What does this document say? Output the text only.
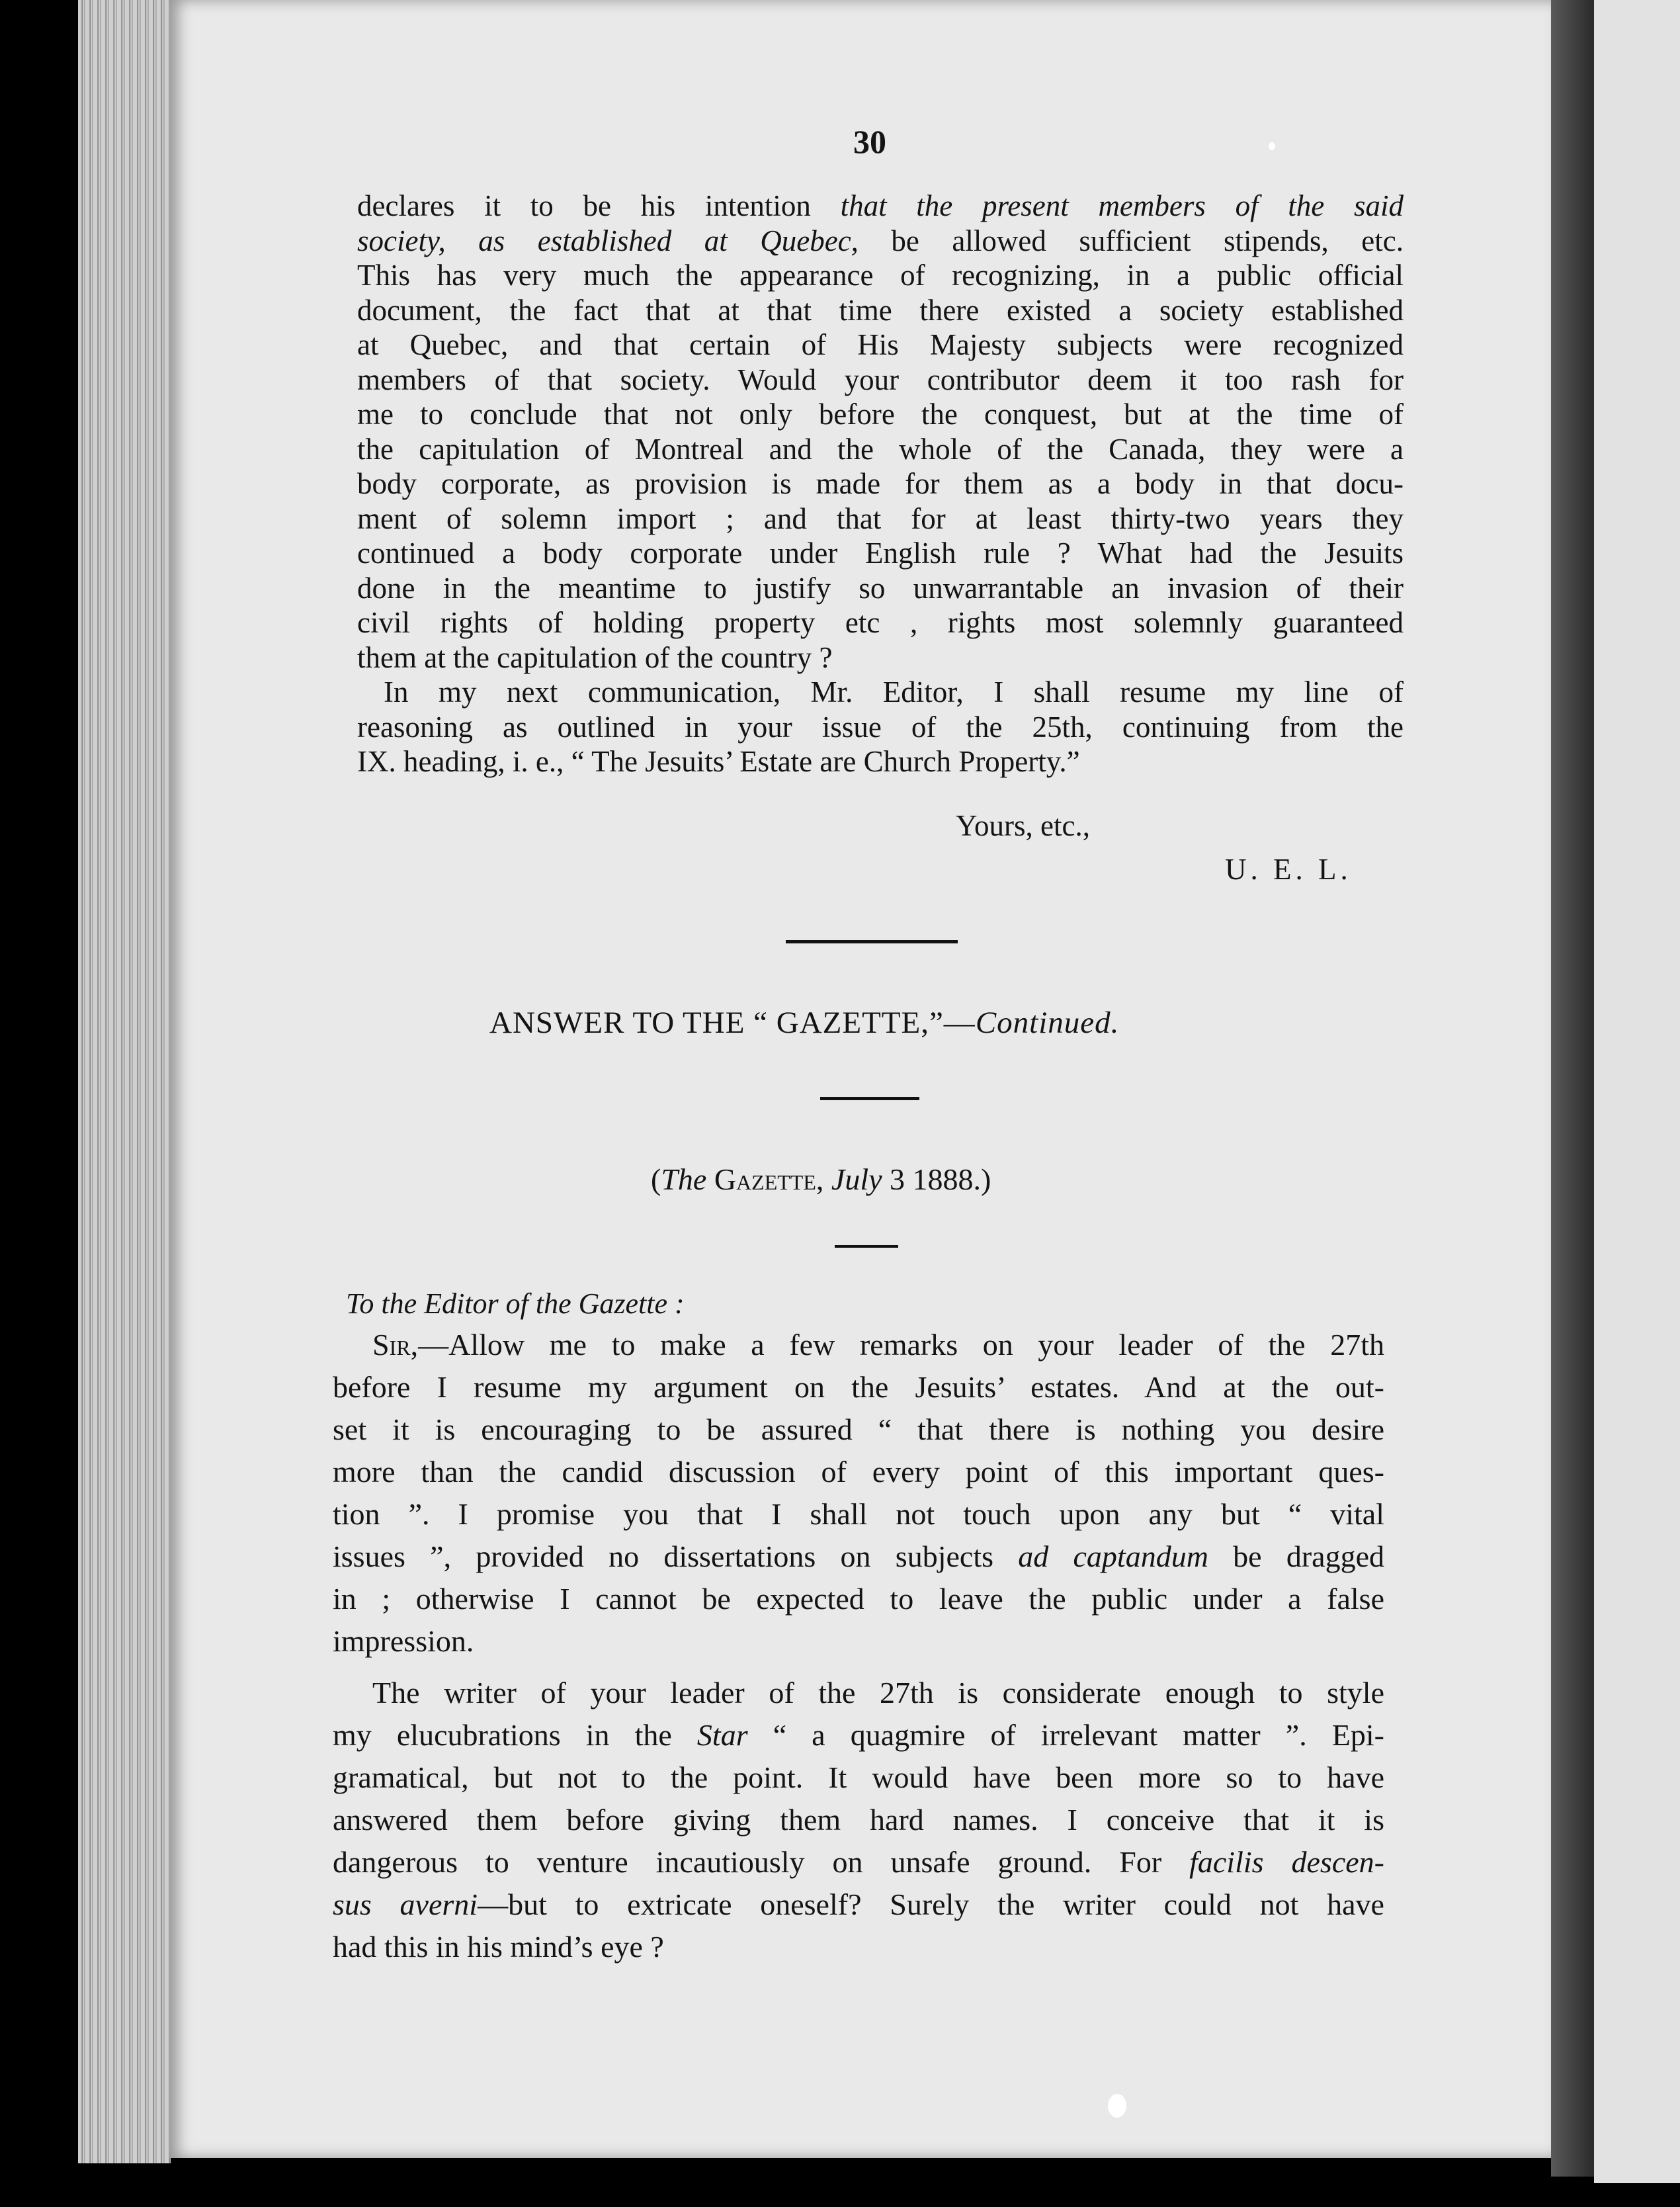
30
declares it to be his intention that the present members of the said
society, as established at Quebec, be allowed sufficient stipends, etc.
This has very much the appearance of recognizing, in a public official
document, the fact that at that time there existed a society established
at Quebec, and that certain of His Majesty subjects were recognized
members of that society. Would your contributor deem it too rash for
me to conclude that not only before the conquest, but at the time of
the capitulation of Montreal and the whole of the Canada, they were a
body corporate, as provision is made for them as a body in that docu-
ment of solemn import ; and that for at least thirty-two years they
continued a body corporate under English rule ? What had the Jesuits
done in the meantime to justify so unwarrantable an invasion of their
civil rights of holding property etc , rights most solemnly guaranteed
them at the capitulation of the country ?
In my next communication, Mr. Editor, I shall resume my line of
reasoning as outlined in your issue of the 25th, continuing from the
IX. heading, i. e., “ The Jesuits’ Estate are Church Property.”
Yours, etc.,
U. E. L.
ANSWER TO THE “ GAZETTE,”—Continued.
(The Gazette, July 3 1888.)
To the Editor of the Gazette :
Sir,—Allow me to make a few remarks on your leader of the 27th
before I resume my argument on the Jesuits’ estates. And at the out-
set it is encouraging to be assured “ that there is nothing you desire
more than the candid discussion of every point of this important ques-
tion ”. I promise you that I shall not touch upon any but “ vital
issues ”, provided no dissertations on subjects ad captandum be dragged
in ; otherwise I cannot be expected to leave the public under a false
impression.
The writer of your leader of the 27th is considerate enough to style
my elucubrations in the Star “ a quagmire of irrelevant matter ”. Epi-
gramatical, but not to the point. It would have been more so to have
answered them before giving them hard names. I conceive that it is
dangerous to venture incautiously on unsafe ground. For facilis descen-
sus averni—but to extricate oneself? Surely the writer could not have
had this in his mind’s eye ?
